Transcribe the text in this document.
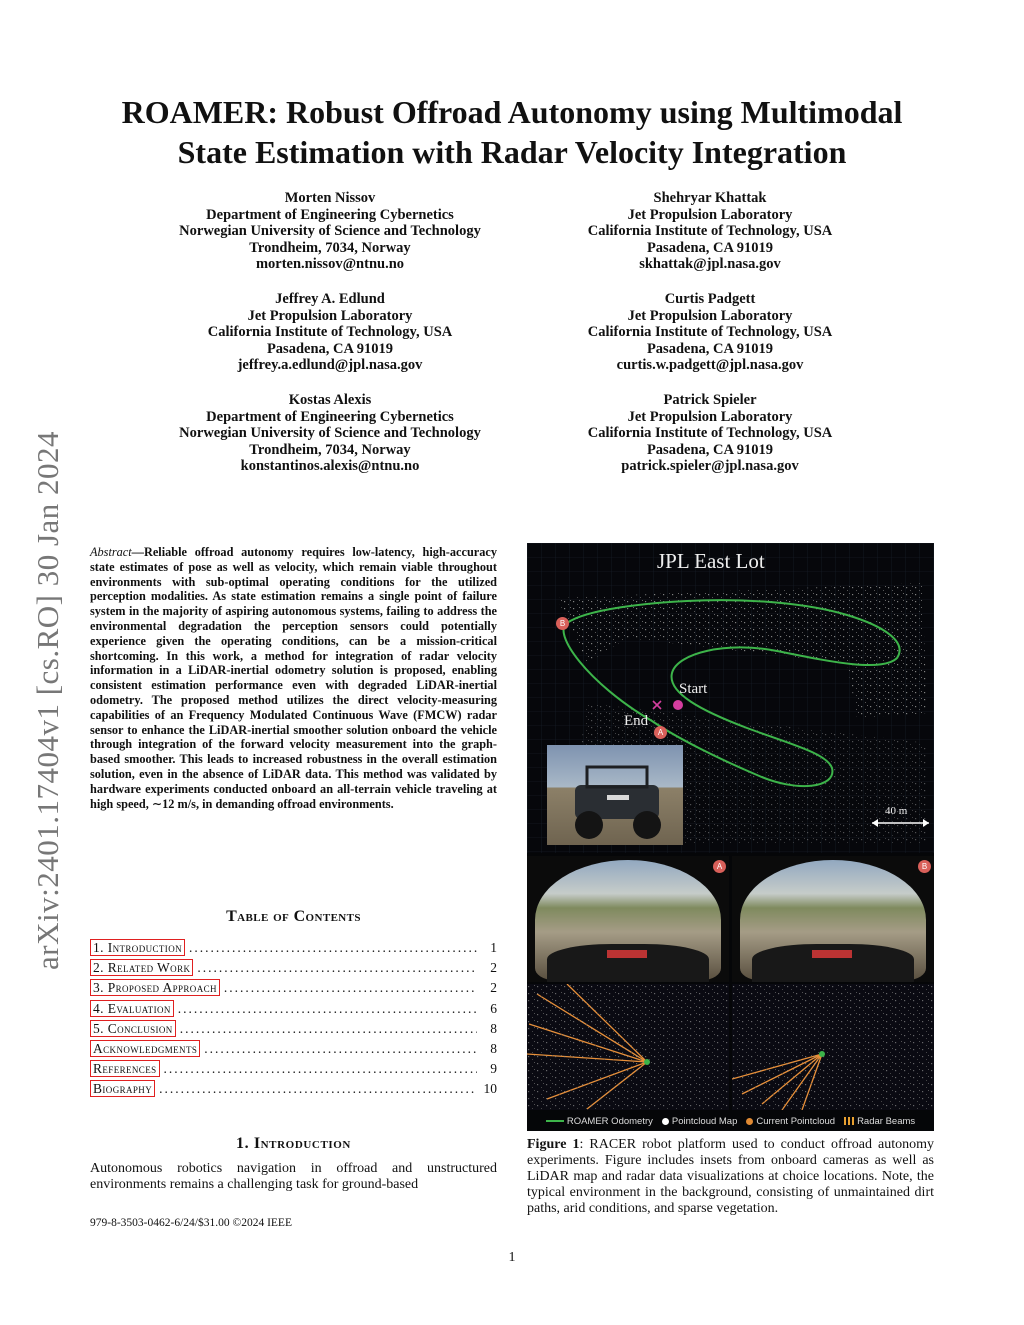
arXiv:2401.17404v1 [cs.RO] 30 Jan 2024
ROAMER: Robust Offroad Autonomy using Multimodal
State Estimation with Radar Velocity Integration
Morten Nissov
Department of Engineering Cybernetics
Norwegian University of Science and Technology
Trondheim, 7034, Norway
morten.nissov@ntnu.no
Shehryar Khattak
Jet Propulsion Laboratory
California Institute of Technology, USA
Pasadena, CA 91019
skhattak@jpl.nasa.gov
Jeffrey A. Edlund
Jet Propulsion Laboratory
California Institute of Technology, USA
Pasadena, CA 91019
jeffrey.a.edlund@jpl.nasa.gov
Curtis Padgett
Jet Propulsion Laboratory
California Institute of Technology, USA
Pasadena, CA 91019
curtis.w.padgett@jpl.nasa.gov
Kostas Alexis
Department of Engineering Cybernetics
Norwegian University of Science and Technology
Trondheim, 7034, Norway
konstantinos.alexis@ntnu.no
Patrick Spieler
Jet Propulsion Laboratory
California Institute of Technology, USA
Pasadena, CA 91019
patrick.spieler@jpl.nasa.gov

Abstract—Reliable offroad autonomy requires low-latency, high-accuracy state estimates of pose as well as velocity, which remain viable throughout environments with sub-optimal operating conditions for the utilized perception modalities. As state estimation remains a single point of failure system in the majority of aspiring autonomous systems, failing to address the environmental degradation the perception sensors could potentially experience given the operating conditions, can be a mission-critical shortcoming. In this work, a method for integration of radar velocity information in a LiDAR-inertial odometry solution is proposed, enabling consistent estimation performance even with degraded LiDAR-inertial odometry. The proposed method utilizes the direct velocity-measuring capabilities of an Frequency Modulated Continuous Wave (FMCW) radar sensor to enhance the LiDAR-inertial smoother solution onboard the vehicle through integration of the forward velocity measurement into the graph-based smoother. This leads to increased robustness in the overall estimation solution, even in the absence of LiDAR data. This method was validated by hardware experiments conducted onboard an all-terrain vehicle traveling at high speed, ∼12 m/s, in demanding offroad environments.

Table of Contents
1. Introduction .....	1
2. Related Work .....	2
3. Proposed Approach .....	2
4. Evaluation .....	6
5. Conclusion .....	8
Acknowledgments .....	8
References .....	9
Biography .....	10
1. Introduction

Autonomous robotics navigation in offroad and unstructured environments remains a challenging task for ground-based

979-8-3503-0462-6/24/$31.00 ©2024 IEEE

JPL East Lot
Start
End
40 m
B
A
A	B
ROAMER Odometry Pointcloud Map Current Pointcloud Radar Beams

Figure 1: RACER robot platform used to conduct offroad autonomy experiments. Figure includes insets from onboard cameras as well as LiDAR map and radar data visualizations at choice locations. Note, the typical environment in the background, consisting of unmaintained dirt paths, arid conditions, and sparse vegetation.

1
